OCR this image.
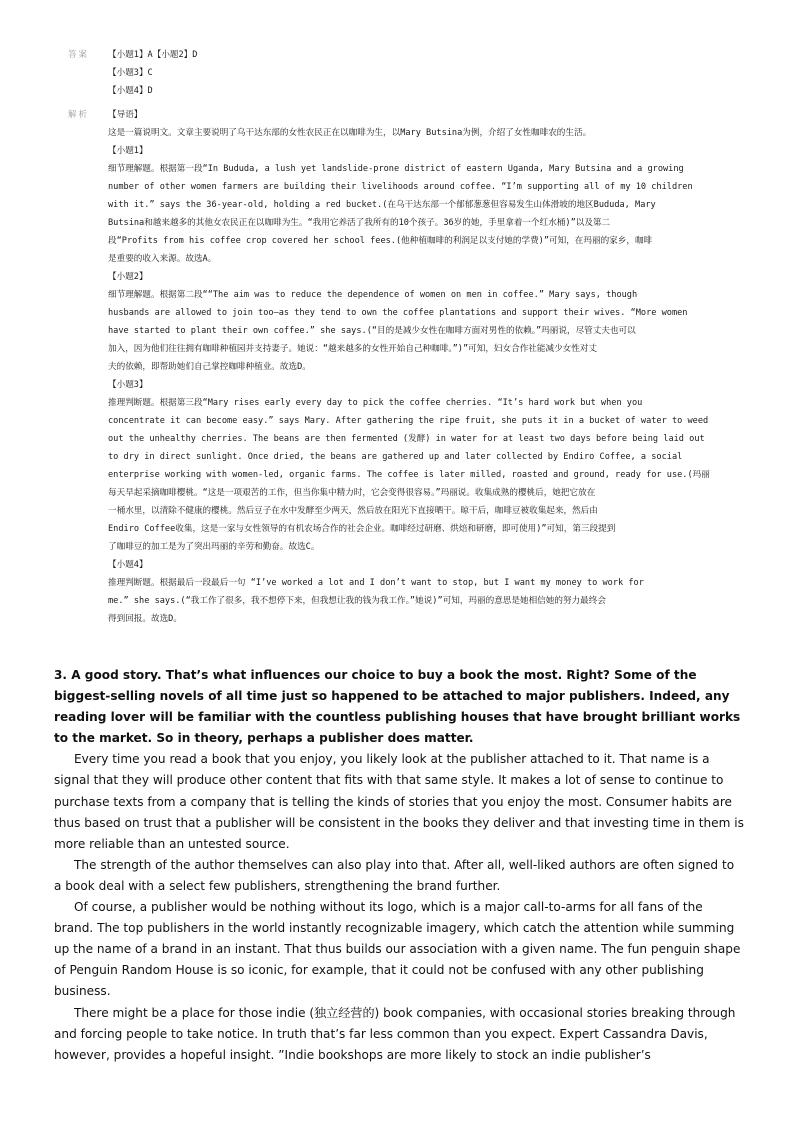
答案	【小题1】A【小题2】D

【小题3】C

【小题4】D

解析	【导语】

这是一篇说明文。文章主要说明了乌干达东部的女性农民正在以咖啡为生，以Mary Butsina为例，介绍了女性咖啡农的生活。

【小题1】

细节理解题。根据第一段“In Bududa, a lush yet landslide-prone district of eastern Uganda, Mary Butsina and a growing

number of other women farmers are building their livelihoods around coffee. “I’m supporting all of my 10 children

with it.” says the 36-year-old, holding a red bucket.(在乌干达东部一个郁郁葱葱但容易发生山体滑坡的地区Bududa, Mary

Butsina和越来越多的其他女农民正在以咖啡为生。“我用它养活了我所有的10个孩子。36岁的她，手里拿着一个红水桶)”以及第二

段“Profits from his coffee crop covered her school fees.(他种植咖啡的利润足以支付她的学费)”可知，在玛丽的家乡，咖啡

是重要的收入来源。故选A。

【小题2】

细节理解题。根据第二段““The aim was to reduce the dependence of women on men in coffee.” Mary says, though

husbands are allowed to join too—as they tend to own the coffee plantations and support their wives. “More women

have started to plant their own coffee.” she says.(“目的是减少女性在咖啡方面对男性的依赖。”玛丽说，尽管丈夫也可以

加入，因为他们往往拥有咖啡种植园并支持妻子。她说：“越来越多的女性开始自己种咖啡。”)”可知，妇女合作社能减少女性对丈

夫的依赖，即帮助她们自己掌控咖啡种植业。故选D。

【小题3】

推理判断题。根据第三段“Mary rises early every day to pick the coffee cherries. “It’s hard work but when you

concentrate it can become easy.” says Mary. After gathering the ripe fruit, she puts it in a bucket of water to weed

out the unhealthy cherries. The beans are then fermented (发酵) in water for at least two days before being laid out

to dry in direct sunlight. Once dried, the beans are gathered up and later collected by Endiro Coffee, a social

enterprise working with women-led, organic farms. The coffee is later milled, roasted and ground, ready for use.(玛丽

每天早起采摘咖啡樱桃。“这是一项艰苦的工作，但当你集中精力时，它会变得很容易。”玛丽说。收集成熟的樱桃后，她把它放在

一桶水里，以清除不健康的樱桃。然后豆子在水中发酵至少两天，然后放在阳光下直接晒干。晾干后，咖啡豆被收集起来，然后由

Endiro Coffee收集，这是一家与女性领导的有机农场合作的社会企业。咖啡经过研磨、烘焙和研磨，即可使用)”可知，第三段提到

了咖啡豆的加工是为了突出玛丽的辛劳和勤奋。故选C。

【小题4】

推理判断题。根据最后一段最后一句 “I’ve worked a lot and I don’t want to stop, but I want my money to work for

me.” she says.(“我工作了很多，我不想停下来，但我想让我的钱为我工作。”她说)”可知，玛丽的意思是她相信她的努力最终会

得到回报。故选D。

3. A good story. That’s what influences our choice to buy a book the most. Right? Some of the biggest-selling novels of all time just so happened to be attached to major publishers. Indeed, any reading lover will be familiar with the countless publishing houses that have brought brilliant works to the market. So in theory, perhaps a publisher does matter.

Every time you read a book that you enjoy, you likely look at the publisher attached to it. That name is a signal that they will produce other content that fits with that same style. It makes a lot of sense to continue to purchase texts from a company that is telling the kinds of stories that you enjoy the most. Consumer habits are thus based on trust that a publisher will be consistent in the books they deliver and that investing time in them is more reliable than an untested source.

The strength of the author themselves can also play into that. After all, well-liked authors are often signed to a book deal with a select few publishers, strengthening the brand further.

Of course, a publisher would be nothing without its logo, which is a major call-to-arms for all fans of the brand. The top publishers in the world instantly recognizable imagery, which catch the attention while summing up the name of a brand in an instant. That thus builds our association with a given name. The fun penguin shape of Penguin Random House is so iconic, for example, that it could not be confused with any other publishing business.

There might be a place for those indie (独立经营的) book companies, with occasional stories breaking through and forcing people to take notice. In truth that’s far less common than you expect. Expert Cassandra Davis, however, provides a hopeful insight. ”Indie bookshops are more likely to stock an indie publisher’s
